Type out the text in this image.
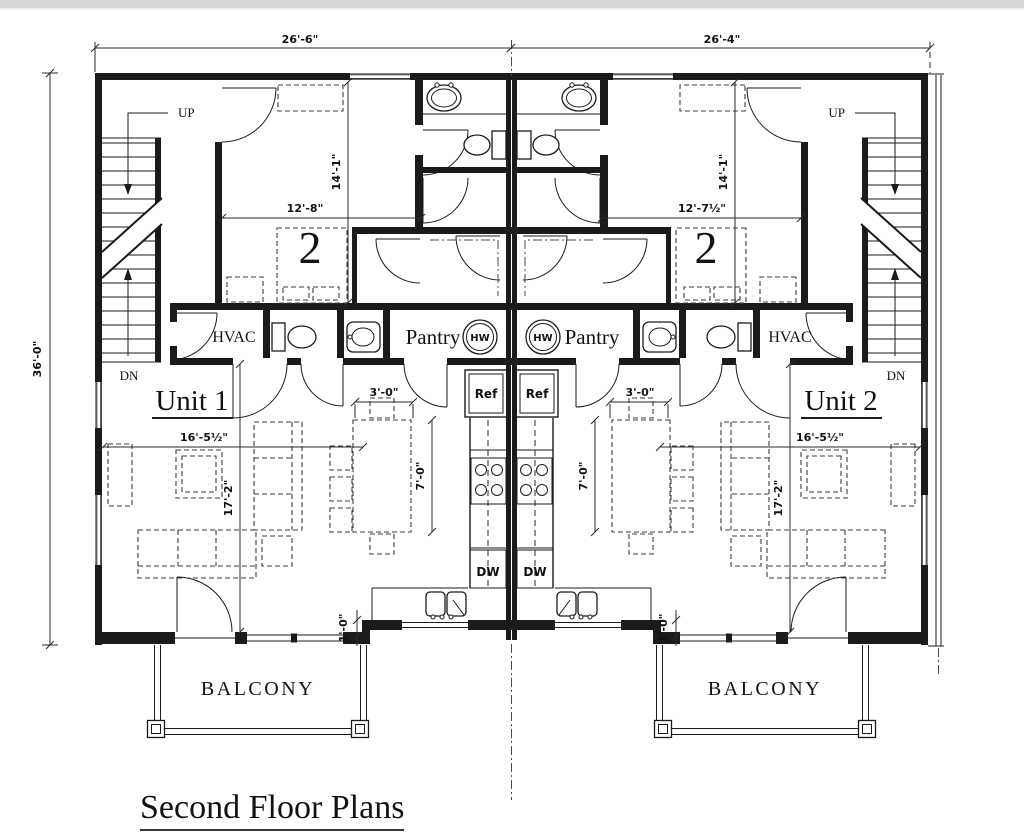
26'-6"	26'-4"
36'-0"
UP
DN
2
HVAC	Pantry HW
Ref
DW
Unit 1
BALCONY
12'-8"
14'-1"
16'-5½"
17'-2"
3'-0"
7'-0"
1'-0"
UP
DN
2
HVAC
Pantry
HW
Ref
DW
Unit 2
BALCONY
12'-7½"
14'-1"
16'-5½"
17'-2"
3'-0"
7'-0"
1'-0"
Second Floor Plans
